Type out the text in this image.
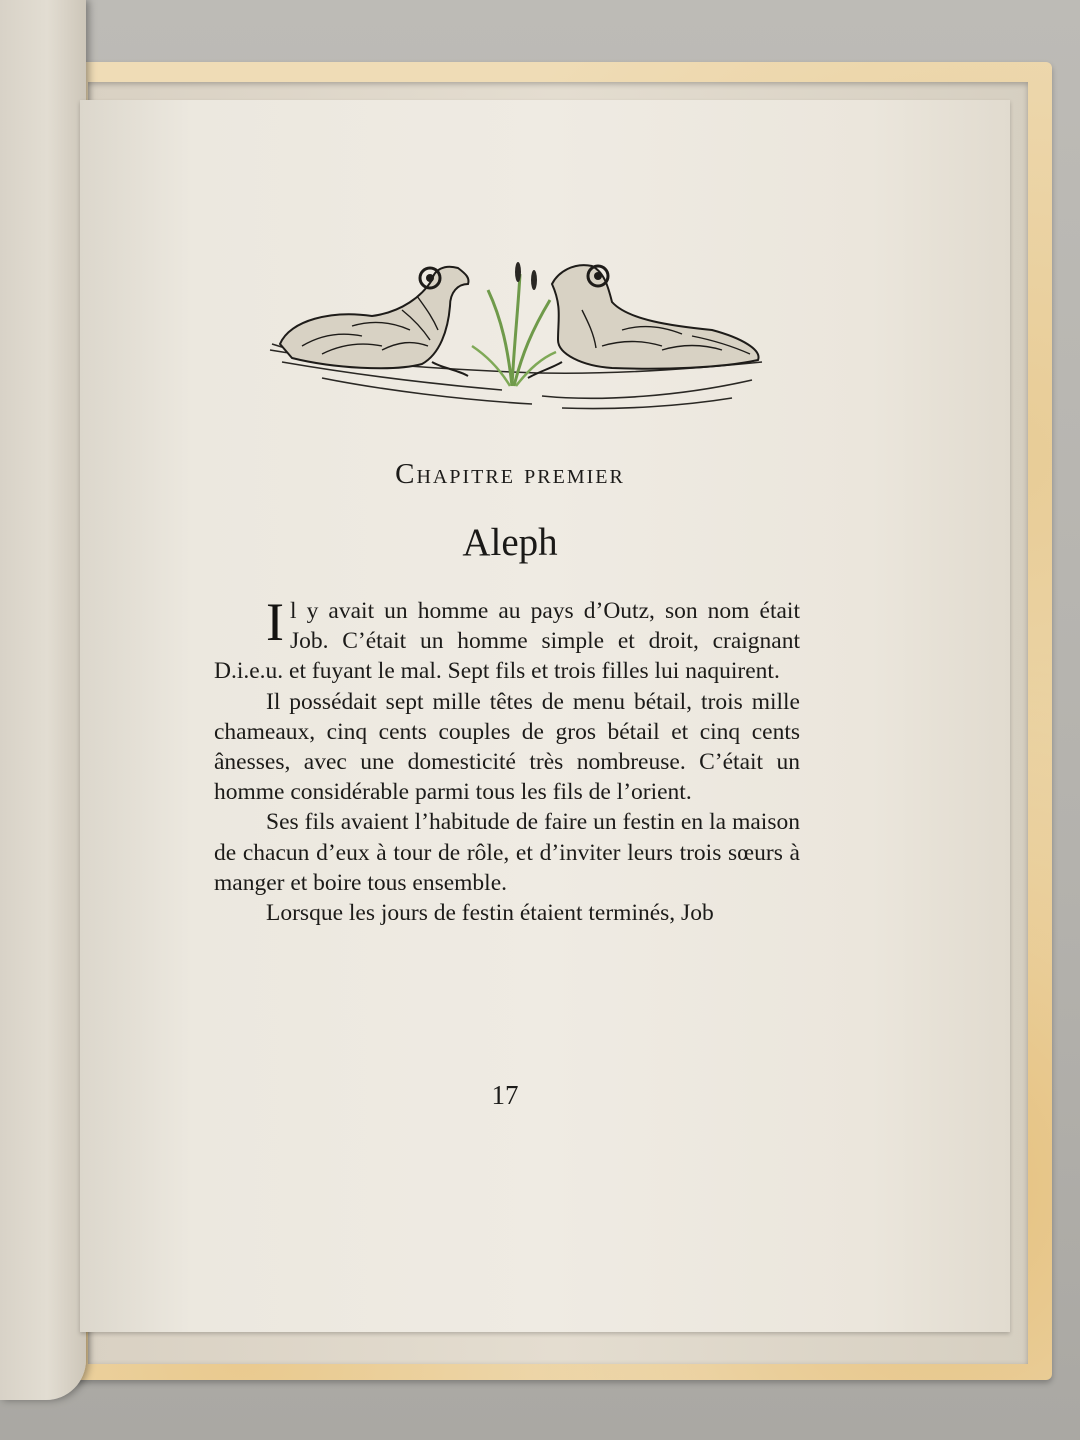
Chapitre premier
Aleph

Il y avait un homme au pays d’Outz, son nom était Job. C’était un homme simple et droit, craignant D.i.e.u. et fuyant le mal. Sept fils et trois filles lui naquirent.

Il possédait sept mille têtes de menu bétail, trois mille chameaux, cinq cents couples de gros bétail et cinq cents ânesses, avec une domesticité très nombreuse. C’était un homme considérable parmi tous les fils de l’orient.

Ses fils avaient l’habitude de faire un festin en la maison de chacun d’eux à tour de rôle, et d’inviter leurs trois sœurs à manger et boire tous ensemble.

Lorsque les jours de festin étaient terminés, Job

17
